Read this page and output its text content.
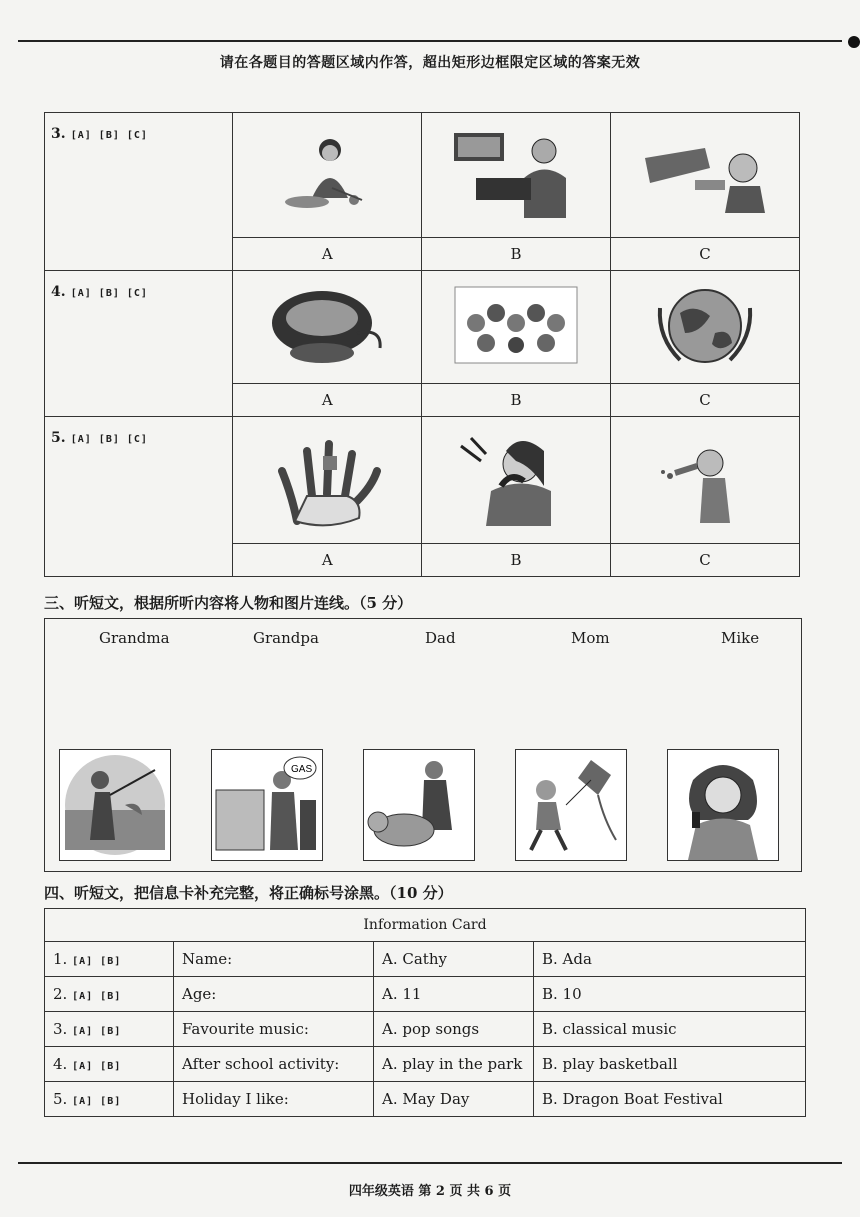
请在各题目的答题区域内作答，超出矩形边框限定区域的答案无效
3. [A] [B] [C]			
	A	B	C
4. [A] [B] [C]			
	A	B	C
5. [A] [B] [C]			
	A	B	C
三、听短文，根据所听内容将人物和图片连线。（5 分）
Grandma	Grandpa	Dad	Mom	Mike
GAS
四、听短文，把信息卡补充完整，将正确标号涂黑。（10 分）
Information Card			
1. [A] [B]	Name:	A. Cathy	B. Ada
2. [A] [B]	Age:	A. 11	B. 10
3. [A] [B]	Favourite music:	A. pop songs	B. classical music
4. [A] [B]	After school activity:	A. play in the park	B. play basketball
5. [A] [B]	Holiday I like:	A. May Day	B. Dragon Boat Festival
四年级英语 第 2 页 共 6 页
